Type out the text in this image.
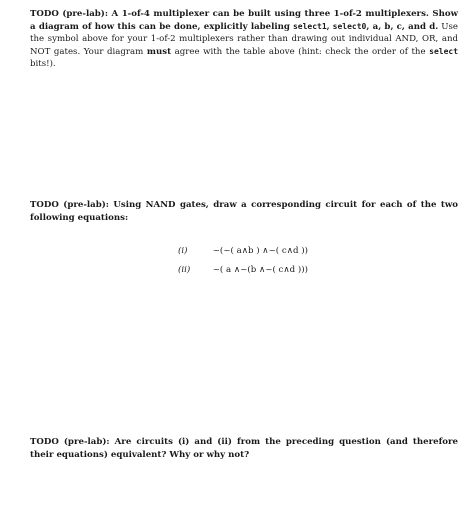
TODO (pre-lab): A 1-of-4 multiplexer can be built using three 1-of-2 multiplexers. Show a diagram of how this can be done, explicitly labeling select1, select0, a, b, c, and d. Use the symbol above for your 1-of-2 multiplexers rather than drawing out individual AND, OR, and NOT gates. Your diagram must agree with the table above (hint: check the order of the select bits!).
TODO (pre-lab): Using NAND gates, draw a corresponding circuit for each of the two following equations:
(i)	~(~( a∧b ) ∧~( c∧d ))
(ii)	~( a ∧~(b ∧~( c∧d )))
TODO (pre-lab): Are circuits (i) and (ii) from the preceding question (and therefore their equations) equivalent? Why or why not?
